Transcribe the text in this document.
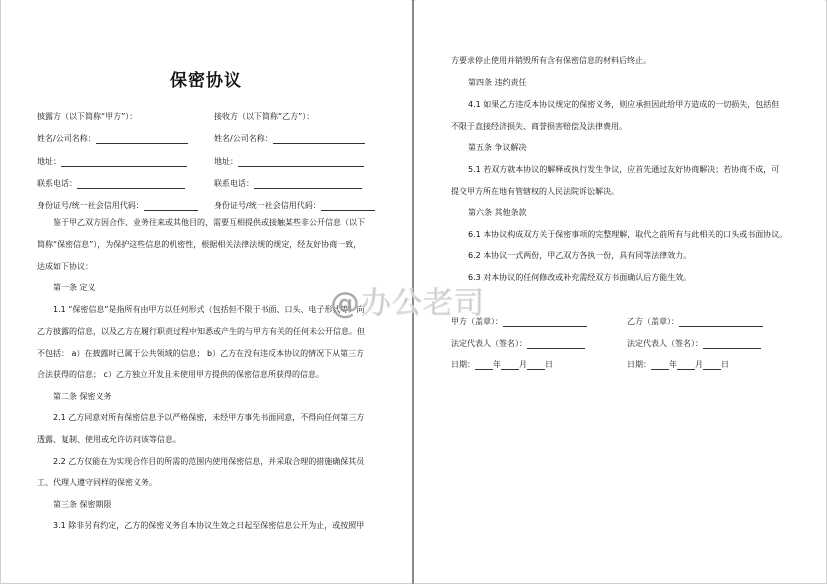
保密协议
披露方（以下简称“甲方”）：	接收方（以下简称“乙方”）：
姓名/公司名称：	姓名/公司名称：
地址：	地址：
联系电话：	联系电话：
身份证号/统一社会信用代码：	身份证号/统一社会信用代码：
鉴于甲乙双方因合作、业务往来或其他目的，需要互相提供或接触某些非公开信息（以下
简称“保密信息”），为保护这些信息的机密性，根据相关法律法规的规定，经友好协商一致，
达成如下协议：
第一条 定义
1.1 “保密信息”是指所有由甲方以任何形式（包括但不限于书面、口头、电子形式等）向
乙方披露的信息，以及乙方在履行职责过程中知悉或产生的与甲方有关的任何未公开信息。但
不包括： a）在披露时已属于公共领域的信息； b）乙方在没有违反本协议的情况下从第三方
合法获得的信息； c）乙方独立开发且未使用甲方提供的保密信息所获得的信息。
第二条 保密义务
2.1 乙方同意对所有保密信息予以严格保密，未经甲方事先书面同意，不得向任何第三方
透露、复制、使用或允许访问该等信息。
2.2 乙方仅能在为实现合作目的所需的范围内使用保密信息，并采取合理的措施确保其员
工、代理人遵守同样的保密义务。
第三条 保密期限
3.1 除非另有约定，乙方的保密义务自本协议生效之日起至保密信息公开为止，或按照甲
方要求停止使用并销毁所有含有保密信息的材料后终止。
第四条 违约责任
4.1 如果乙方违反本协议规定的保密义务，则应承担因此给甲方造成的一切损失，包括但
不限于直接经济损失、商誉损害赔偿及法律费用。
第五条 争议解决
5.1 若双方就本协议的解释或执行发生争议，应首先通过友好协商解决；若协商不成，可
提交甲方所在地有管辖权的人民法院诉讼解决。
第六条 其他条款
6.1 本协议构成双方关于保密事项的完整理解，取代之前所有与此相关的口头或书面协议。
6.2 本协议一式两份，甲乙双方各执一份，具有同等法律效力。
6.3 对本协议的任何修改或补充需经双方书面确认后方能生效。
甲方（盖章）：	乙方（盖章）：
法定代表人（签名）：	法定代表人（签名）：
日期： 年 月 日	日期： 年 月 日
@办公老司
